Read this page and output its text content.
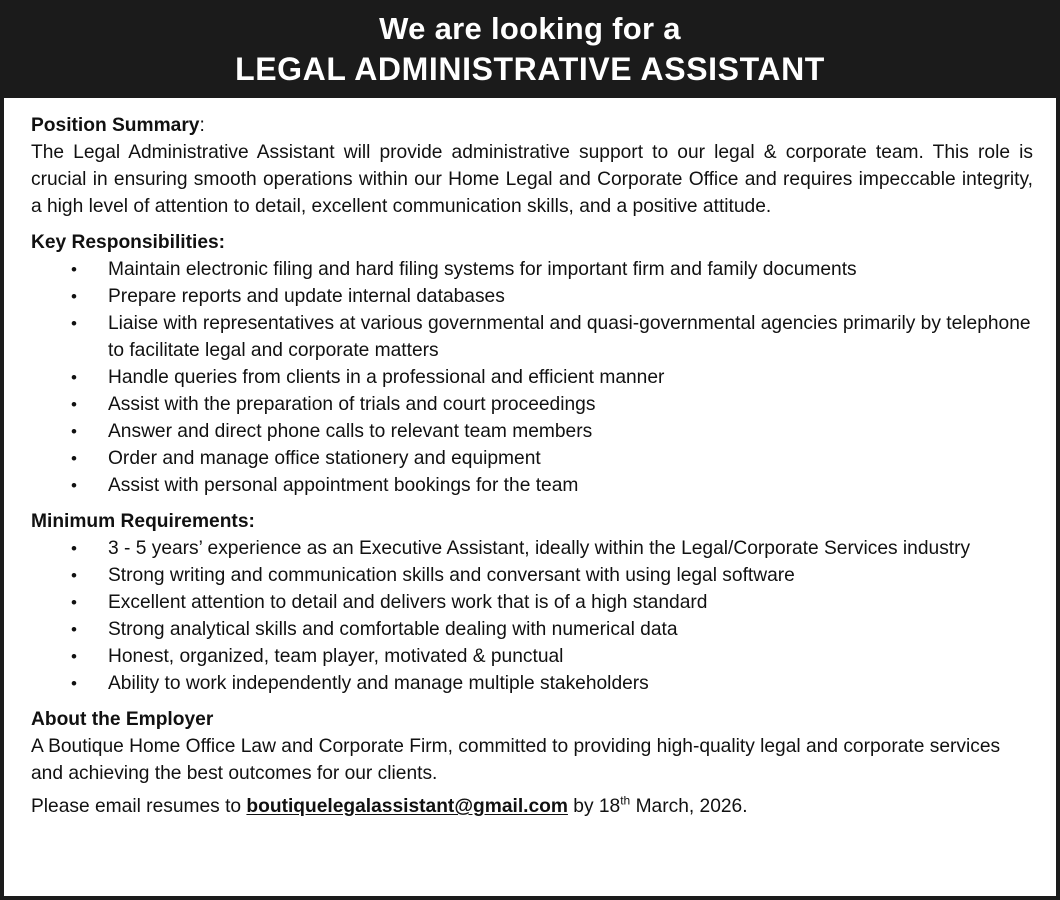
We are looking for a
LEGAL ADMINISTRATIVE ASSISTANT
Position Summary:

The Legal Administrative Assistant will provide administrative support to our legal & corporate team. This role is crucial in ensuring smooth operations within our Home Legal and Corporate Office and requires impeccable integrity, a high level of attention to detail, excellent communication skills, and a positive attitude.

Key Responsibilities:
• Maintain electronic filing and hard filing systems for important firm and family documents
• Prepare reports and update internal databases
• Liaise with representatives at various governmental and quasi-governmental agencies primarily by telephone to facilitate legal and corporate matters
• Handle queries from clients in a professional and efficient manner
• Assist with the preparation of trials and court proceedings
• Answer and direct phone calls to relevant team members
• Order and manage office stationery and equipment
• Assist with personal appointment bookings for the team
Minimum Requirements:
• 3 - 5 years’ experience as an Executive Assistant, ideally within the Legal/Corporate Services industry
• Strong writing and communication skills and conversant with using legal software
• Excellent attention to detail and delivers work that is of a high standard
• Strong analytical skills and comfortable dealing with numerical data
• Honest, organized, team player, motivated & punctual
• Ability to work independently and manage multiple stakeholders
About the Employer

A Boutique Home Office Law and Corporate Firm, committed to providing high-quality legal and corporate services and achieving the best outcomes for our clients.

Please email resumes to boutiquelegalassistant@gmail.com by 18th March, 2026.
